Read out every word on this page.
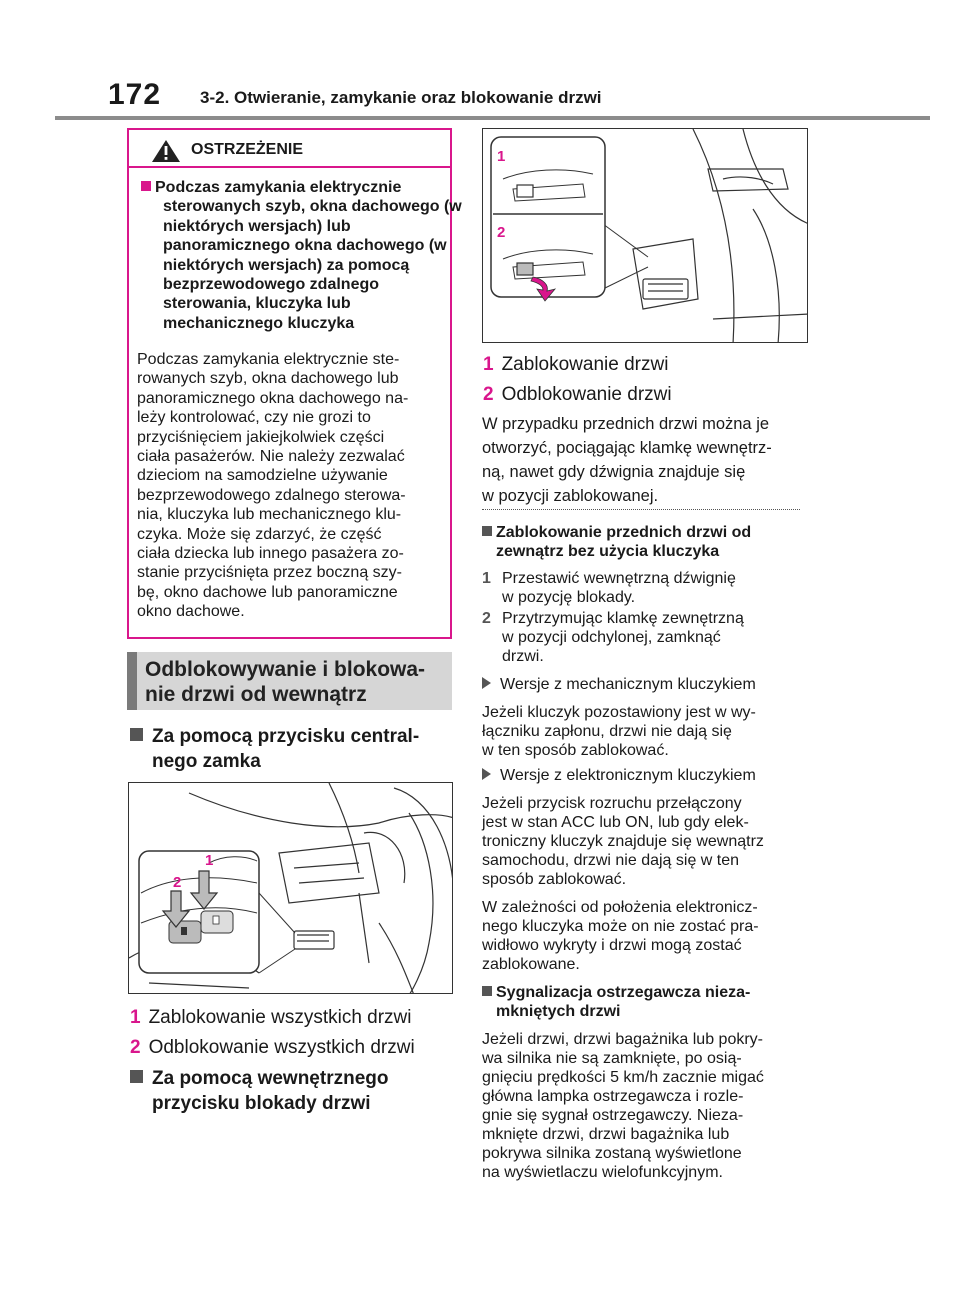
172 3-2. Otwieranie, zamykanie oraz blokowanie drzwi
OSTRZEŻENIE
Podczas zamykania elektrycznie sterowanych szyb, okna dachowego (w niektórych wersjach) lub panoramicznego okna dachowego (w niektórych wersjach) za pomocą bezprzewodowego zdalnego sterowania, kluczyka lub mechanicznego kluczyka
Podczas zamykania elektrycznie ste-
rowanych szyb, okna dachowego lub
panoramicznego okna dachowego na-
leży kontrolować, czy nie grozi to
przyciśnięciem jakiejkolwiek części
ciała pasażerów. Nie należy zezwalać
dzieciom na samodzielne używanie
bezprzewodowego zdalnego sterowa-
nia, kluczyka lub mechanicznego klu-
czyka. Może się zdarzyć, że część
ciała dziecka lub innego pasażera zo-
stanie przyciśnięta przez boczną szy-
bę, okno dachowe lub panoramiczne
okno dachowe.
Odblokowywanie i blokowa-
nie drzwi od wewnątrz
Za pomocą przycisku central-
nego zamka
1
2
1 Zablokowanie wszystkich drzwi
2 Odblokowanie wszystkich drzwi
Za pomocą wewnętrznego
przycisku blokady drzwi
1
2
1 Zablokowanie drzwi
2 Odblokowanie drzwi
W przypadku przednich drzwi można je
otworzyć, pociągając klamkę wewnętrz-
ną, nawet gdy dźwignia znajduje się
w pozycji zablokowanej.
Zablokowanie przednich drzwi od
zewnątrz bez użycia kluczyka
1 Przestawić wewnętrzną dźwignię
w pozycję blokady.
2 Przytrzymując klamkę zewnętrzną
w pozycji odchylonej, zamknąć
drzwi.
Wersje z mechanicznym kluczykiem
Jeżeli kluczyk pozostawiony jest w wy-
łączniku zapłonu, drzwi nie dają się
w ten sposób zablokować.
Wersje z elektronicznym kluczykiem
Jeżeli przycisk rozruchu przełączony
jest w stan ACC lub ON, lub gdy elek-
troniczny kluczyk znajduje się wewnątrz
samochodu, drzwi nie dają się w ten
sposób zablokować.
W zależności od położenia elektronicz-
nego kluczyka może on nie zostać pra-
widłowo wykryty i drzwi mogą zostać
zablokowane.
Sygnalizacja ostrzegawcza nieza-
mkniętych drzwi
Jeżeli drzwi, drzwi bagażnika lub pokry-
wa silnika nie są zamknięte, po osią-
gnięciu prędkości 5 km/h zacznie migać
główna lampka ostrzegawcza i rozle-
gnie się sygnał ostrzegawczy. Nieza-
mknięte drzwi, drzwi bagażnika lub
pokrywa silnika zostaną wyświetlone
na wyświetlaczu wielofunkcyjnym.
